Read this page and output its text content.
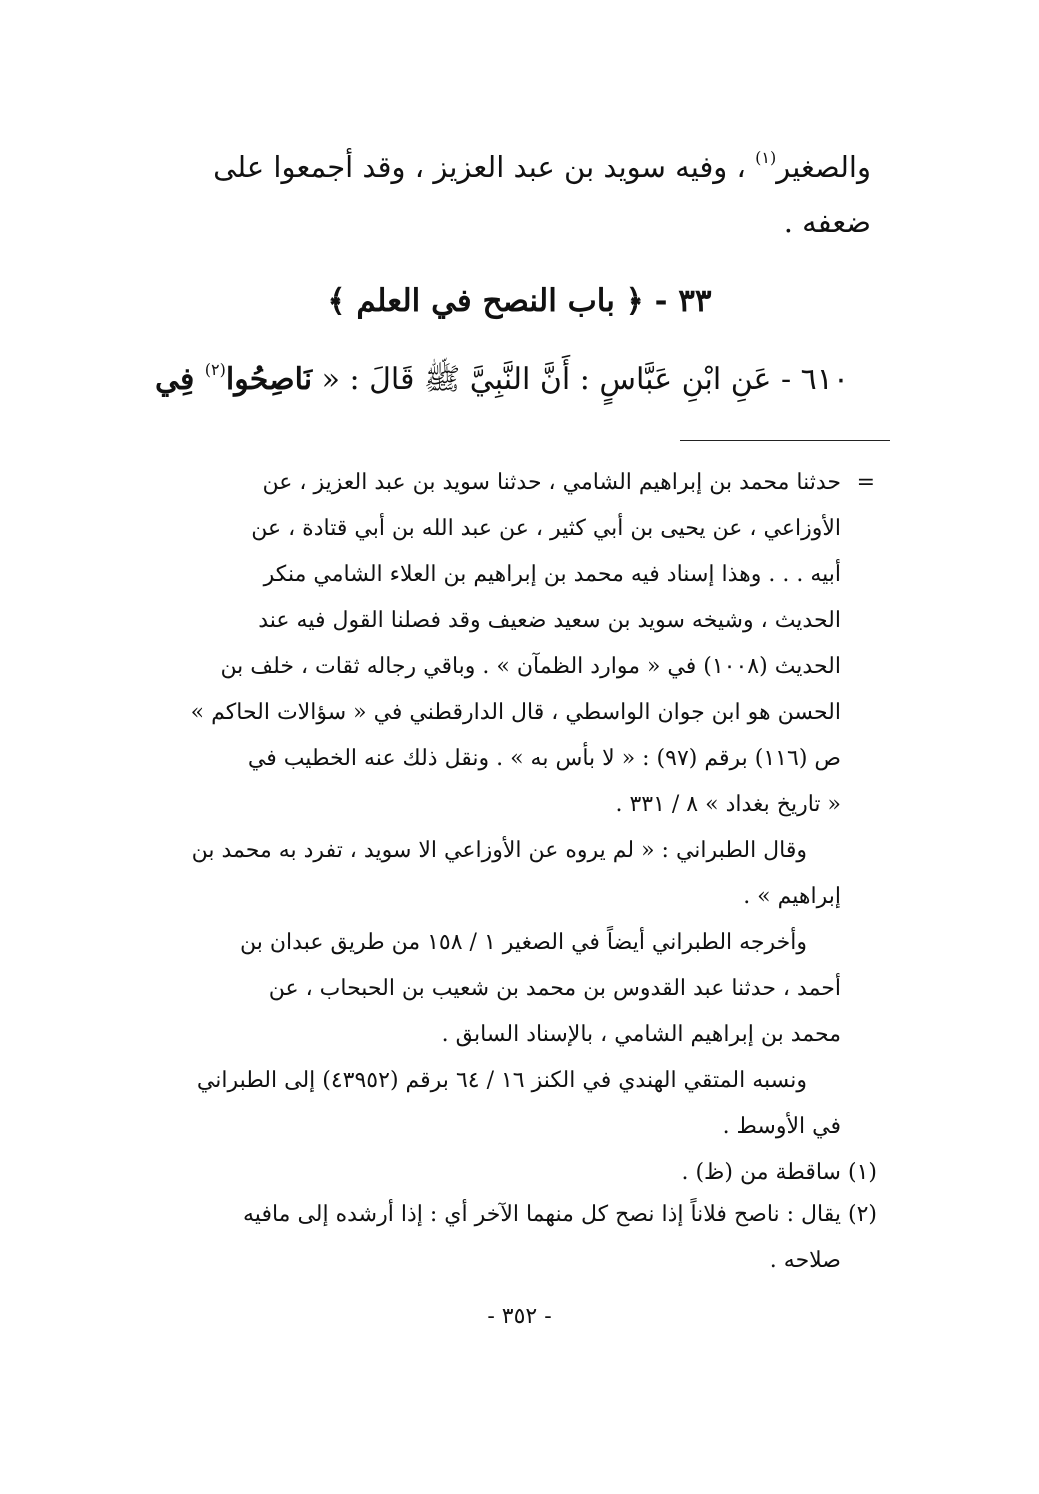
والصغير$^{(١)}$ ، وفيه سويد بن عبد العزيز ، وقد أجمعوا على
ضعفه .
٣٣ - ﴿ باب النصح في العلم ﴾
٦١٠ - عَنِ ابْنِ عَبَّاسٍ : أَنَّ النَّبِيَّ ﷺ قَالَ : « نَاصِحُوا$^{(٢)}$ فِي
=
حدثنا محمد بن إبراهيم الشامي ، حدثنا سويد بن عبد العزيز ، عن
الأوزاعي ، عن يحيى بن أبي كثير ، عن عبد الله بن أبي قتادة ، عن
أبيه . . . وهذا إسناد فيه محمد بن إبراهيم بن العلاء الشامي منكر
الحديث ، وشيخه سويد بن سعيد ضعيف وقد فصلنا القول فيه عند
الحديث (١٠٠٨) في « موارد الظمآن » . وباقي رجاله ثقات ، خلف بن
الحسن هو ابن جوان الواسطي ، قال الدارقطني في « سؤالات الحاكم »
ص (١١٦) برقم (٩٧) : « لا بأس به » . ونقل ذلك عنه الخطيب في
« تاريخ بغداد » ٨ / ٣٣١ .
وقال الطبراني : « لم يروه عن الأوزاعي الا سويد ، تفرد به محمد بن
إبراهيم » .
وأخرجه الطبراني أيضاً في الصغير ١ / ١٥٨ من طريق عبدان بن
أحمد ، حدثنا عبد القدوس بن محمد بن شعيب بن الحبحاب ، عن
محمد بن إبراهيم الشامي ، بالإسناد السابق .
ونسبه المتقي الهندي في الكنز ١٦ / ٦٤ برقم (٤٣٩٥٢) إلى الطبراني
في الأوسط .
(١) ساقطة من (ظ) .
(٢) يقال : ناصح فلاناً إذا نصح كل منهما الآخر أي : إذا أرشده إلى مافيه
صلاحه .
- ٣٥٢ -
